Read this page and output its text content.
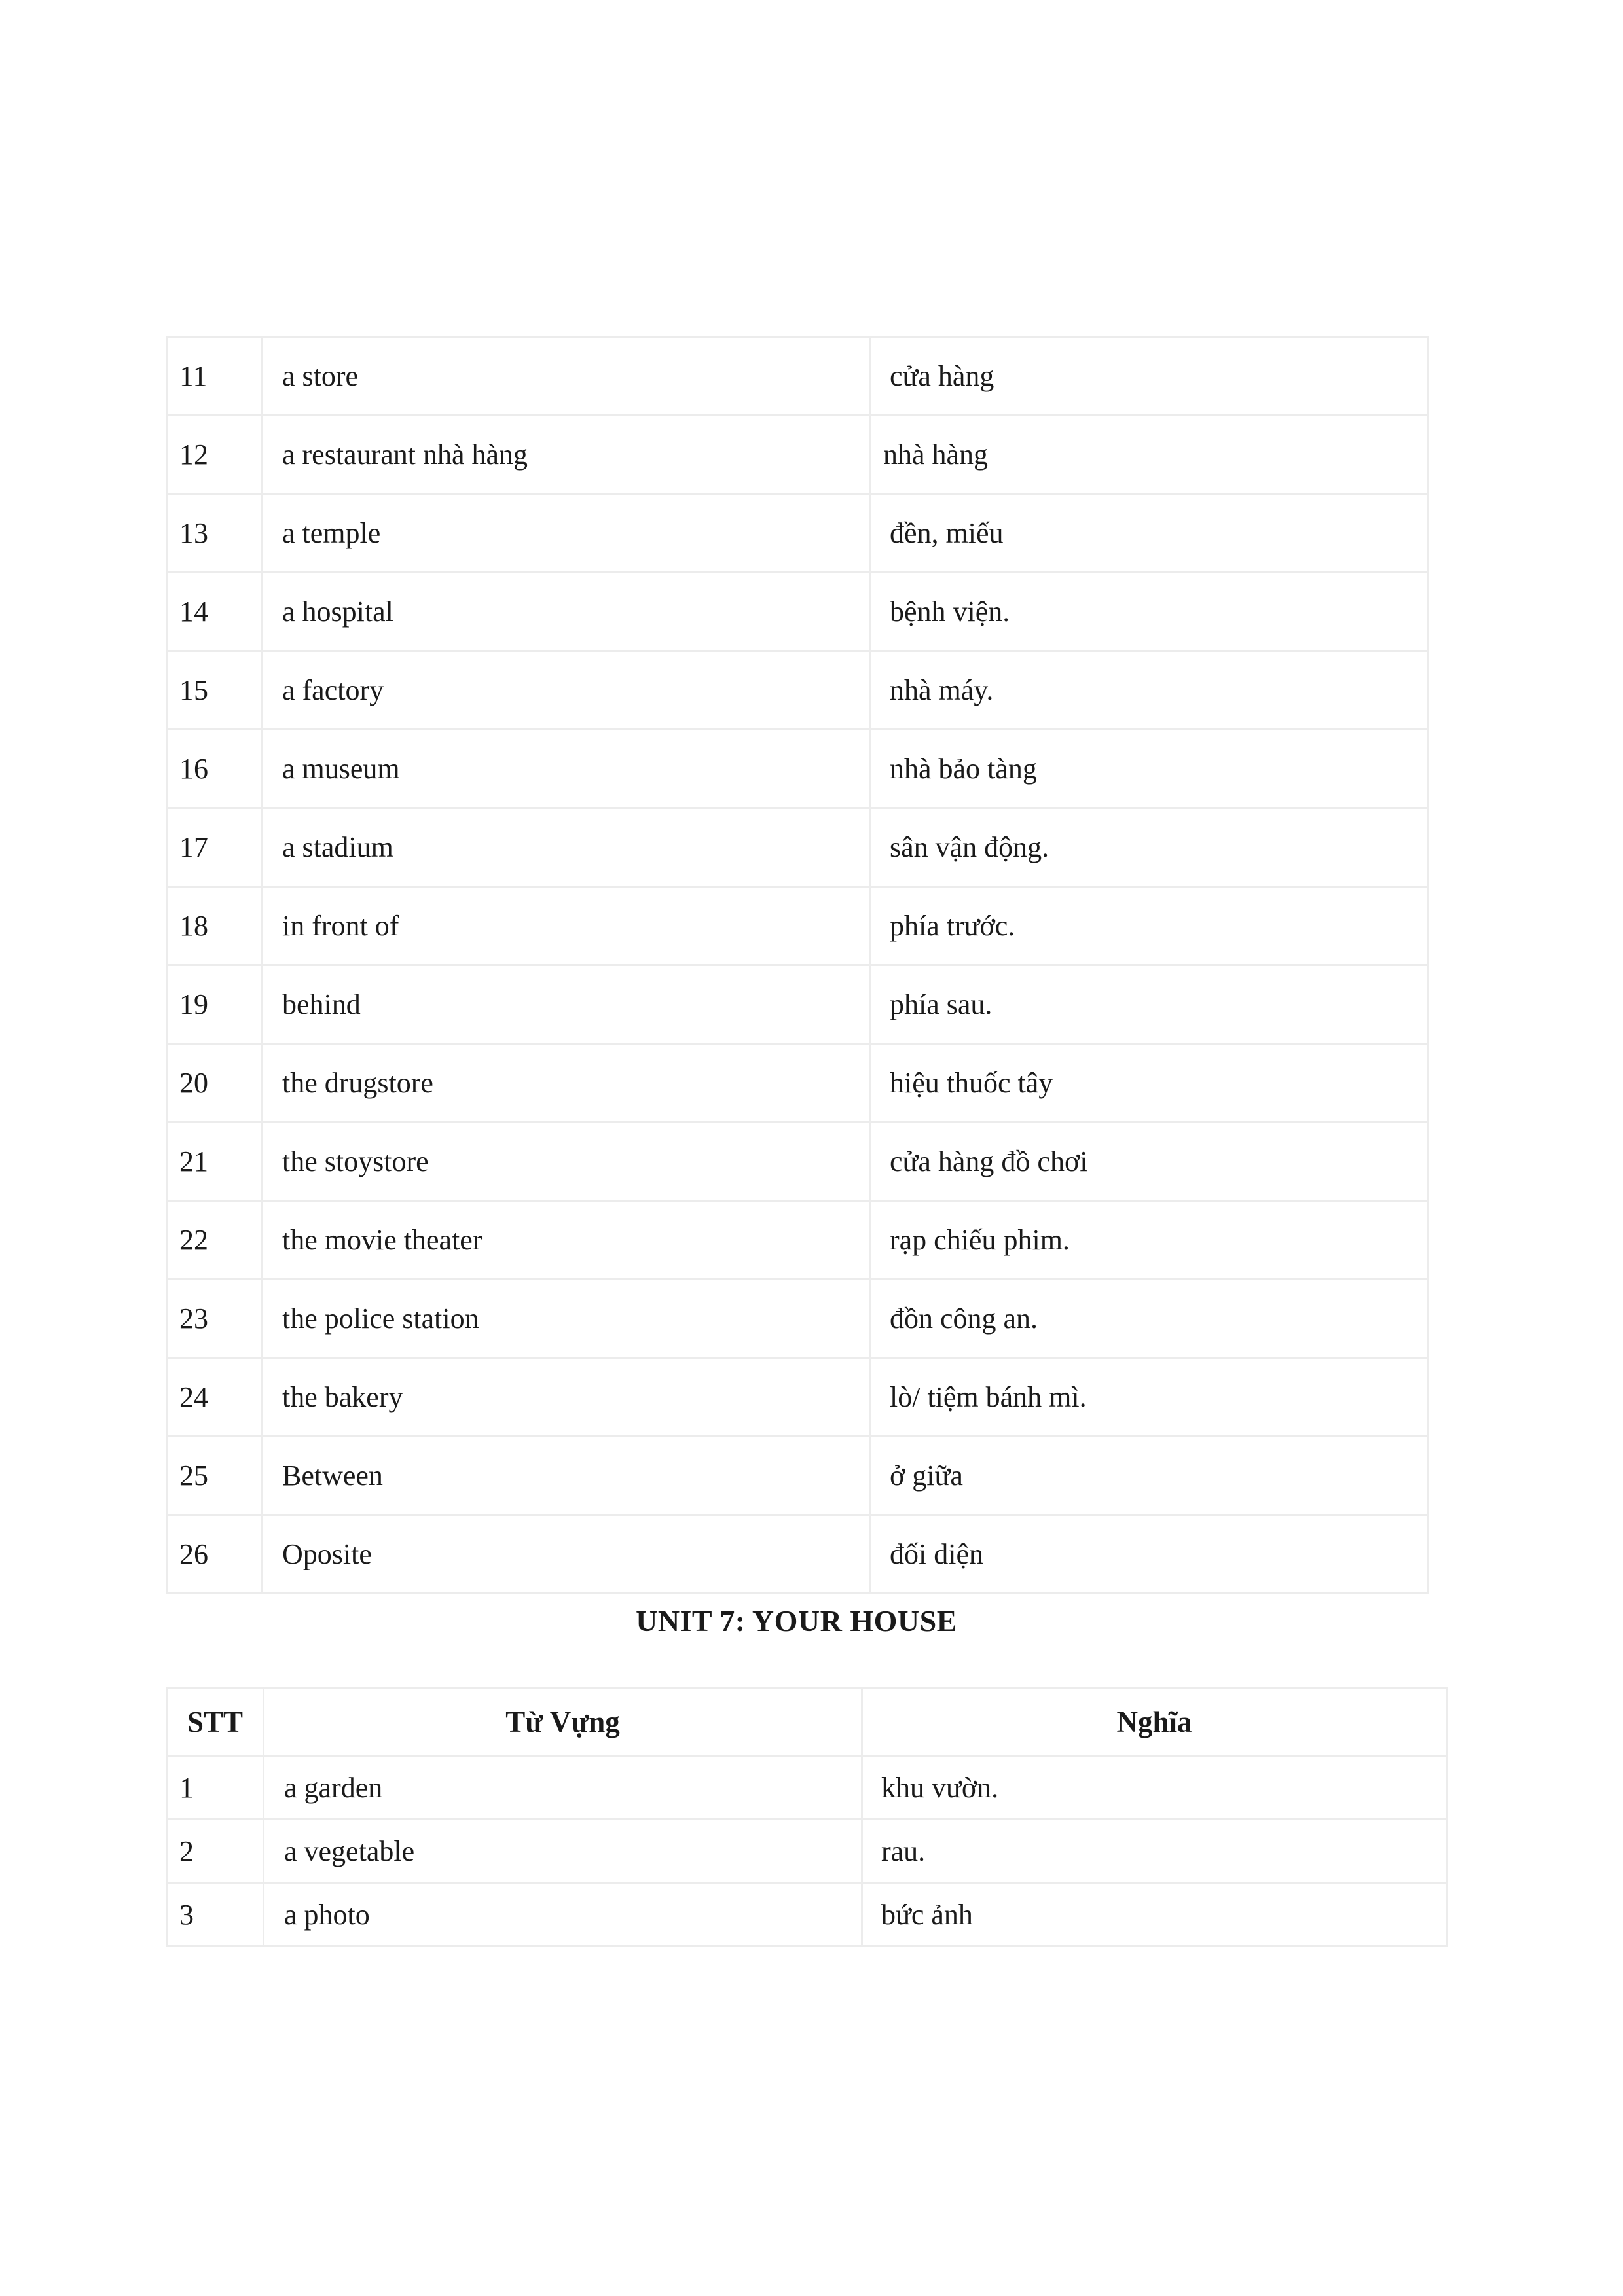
11	a store	cửa hàng
12	a restaurant nhà hàng	nhà hàng
13	a temple	đền, miếu
14	a hospital	bệnh viện.
15	a factory	nhà máy.
16	a museum	nhà bảo tàng
17	a stadium	sân vận động.
18	in front of	phía trước.
19	behind	phía sau.
20	the drugstore	hiệu thuốc tây
21	the stoystore	cửa hàng đồ chơi
22	the movie theater	rạp chiếu phim.
23	the police station	đồn công an.
24	the bakery	lò/ tiệm bánh mì.
25	Between	ở giữa
26	Oposite	đối diện
UNIT 7: YOUR HOUSE
STT	Từ Vựng	Nghĩa
1	a garden	khu vườn.
2	a vegetable	rau.
3	a photo	bức ảnh
